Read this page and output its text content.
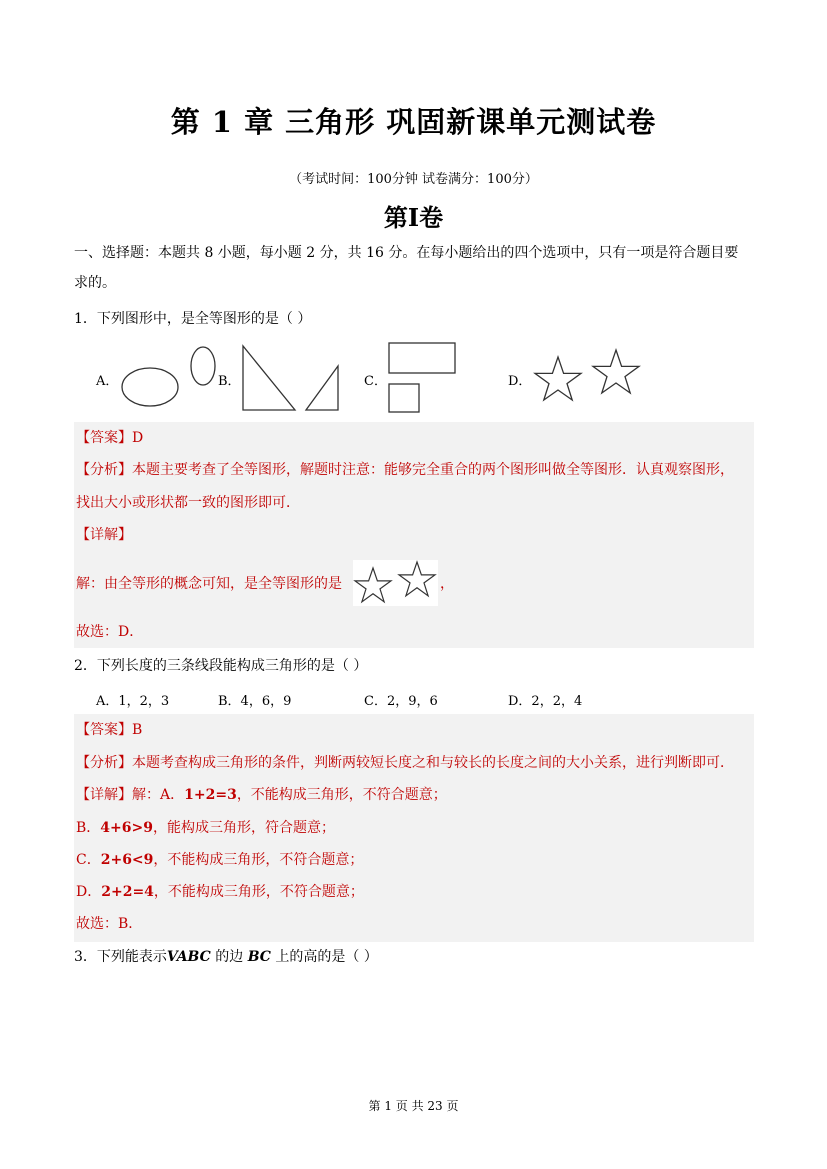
第 1 章 三角形 巩固新课单元测试卷
（考试时间：100分钟 试卷满分：100分）
第I卷
一、选择题：本题共 8 小题，每小题 2 分，共 16 分。在每小题给出的四个选项中，只有一项是符合题目要
求的。
1．下列图形中，是全等图形的是（ ）
A．	B．	C．	D．
【答案】D
【分析】本题主要考查了全等图形，解题时注意：能够完全重合的两个图形叫做全等图形．认真观察图形，
找出大小或形状都一致的图形即可．
【详解】
解：由全等形的概念可知，是全等图形的是	，
故选：D．
2．下列长度的三条线段能构成三角形的是（ ）
A．1，2，3	B．4，6，9	C．2，9，6	D．2，2，4
【答案】B
【分析】本题考查构成三角形的条件，判断两较短长度之和与较长的长度之间的大小关系，进行判断即可．
【详解】解：A．1+2=3，不能构成三角形，不符合题意；
B．4+6>9，能构成三角形，符合题意；
C．2+6<9，不能构成三角形，不符合题意；
D．2+2=4，不能构成三角形，不符合题意；
故选：B．
3．下列能表示VABC 的边 BC 上的高的是（ ）
第 1 页 共 23 页
